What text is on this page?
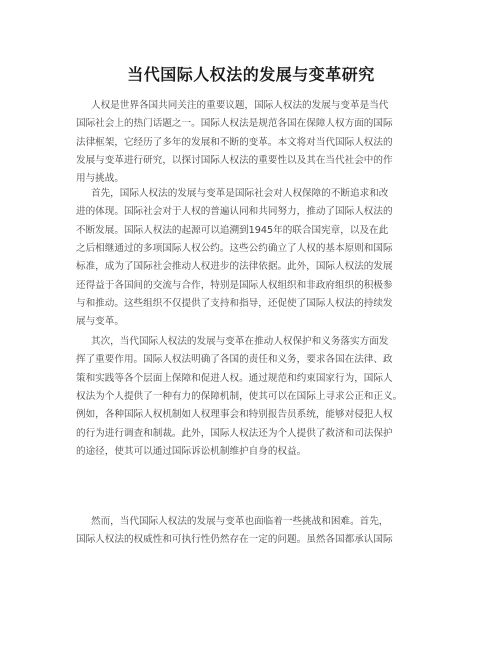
当代国际人权法的发展与变革研究
人权是世界各国共同关注的重要议题，国际人权法的发展与变革是当代
国际社会上的热门话题之一。国际人权法是规范各国在保障人权方面的国际
法律框架，它经历了多年的发展和不断的变革。本文将对当代国际人权法的
发展与变革进行研究，以探讨国际人权法的重要性以及其在当代社会中的作
用与挑战。
首先，国际人权法的发展与变革是国际社会对人权保障的不断追求和改
进的体现。国际社会对于人权的普遍认同和共同努力，推动了国际人权法的
不断发展。国际人权法的起源可以追溯到1945年的联合国宪章，以及在此
之后相继通过的多项国际人权公约。这些公约确立了人权的基本原则和国际
标准，成为了国际社会推动人权进步的法律依据。此外，国际人权法的发展
还得益于各国间的交流与合作，特别是国际人权组织和非政府组织的积极参
与和推动。这些组织不仅提供了支持和指导，还促使了国际人权法的持续发
展与变革。
其次，当代国际人权法的发展与变革在推动人权保护和义务落实方面发
挥了重要作用。国际人权法明确了各国的责任和义务，要求各国在法律、政
策和实践等各个层面上保障和促进人权。通过规范和约束国家行为，国际人
权法为个人提供了一种有力的保障机制，使其可以在国际上寻求公正和正义。
例如，各种国际人权机制如人权理事会和特别报告员系统，能够对侵犯人权
的行为进行调查和制裁。此外，国际人权法还为个人提供了救济和司法保护
的途径，使其可以通过国际诉讼机制维护自身的权益。
然而，当代国际人权法的发展与变革也面临着一些挑战和困难。首先，
国际人权法的权威性和可执行性仍然存在一定的问题。虽然各国都承认国际
